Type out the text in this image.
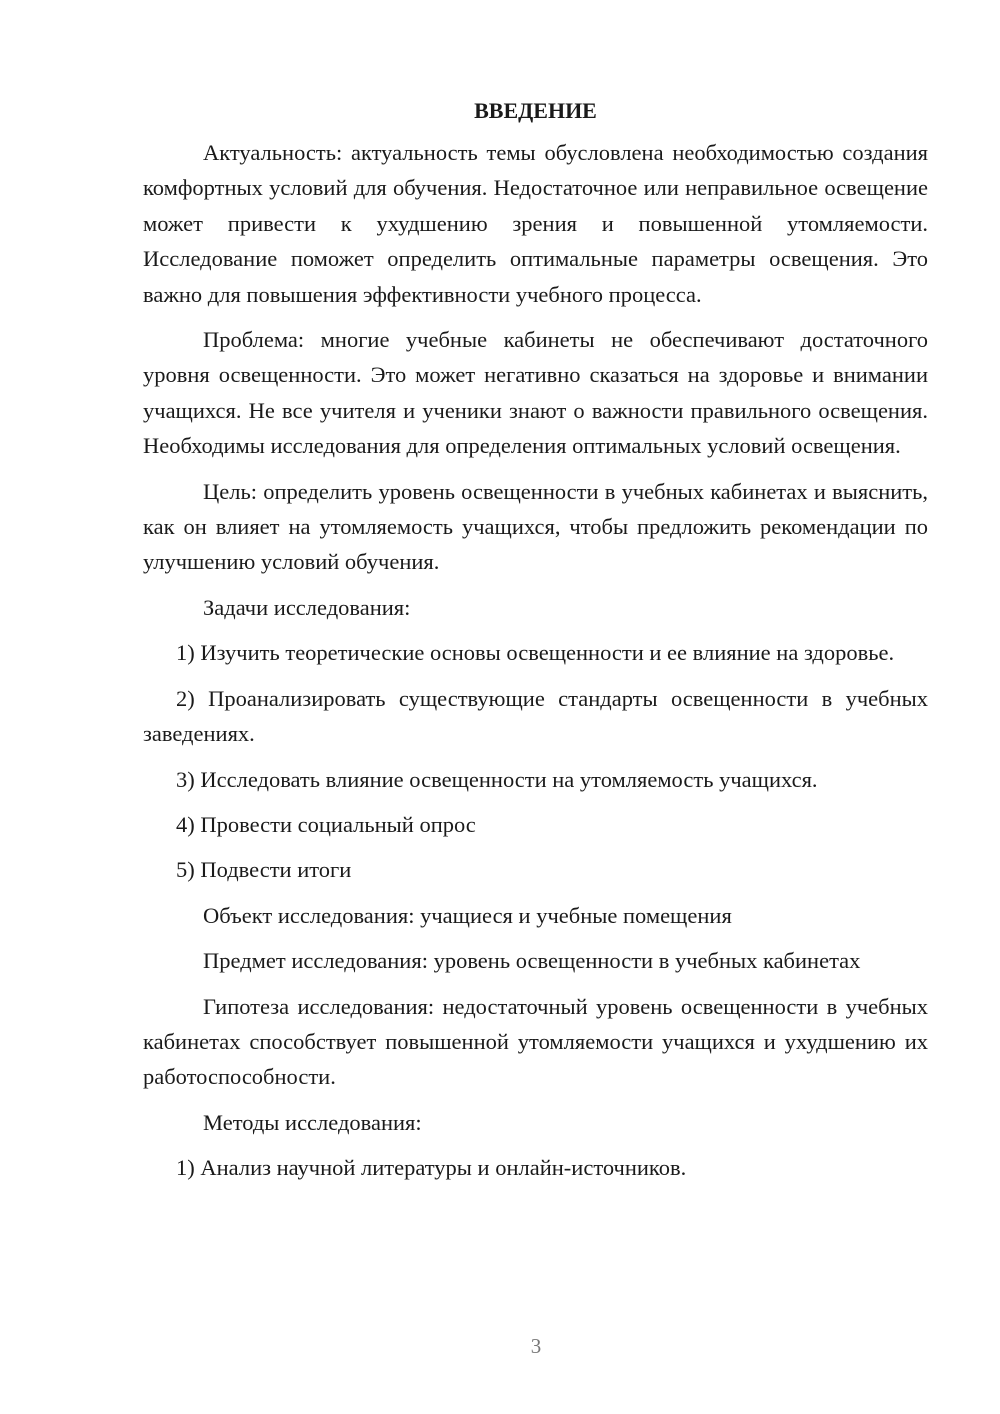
ВВЕДЕНИЕ

Актуальность: актуальность темы обусловлена необходимостью создания комфортных условий для обучения. Недостаточное или неправильное освещение может привести к ухудшению зрения и повышенной утомляемости. Исследование поможет определить оптимальные параметры освещения. Это важно для повышения эффективности учебного процесса.

Проблема: многие учебные кабинеты не обеспечивают достаточного уровня освещенности. Это может негативно сказаться на здоровье и внимании учащихся. Не все учителя и ученики знают о важности правильного освещения. Необходимы исследования для определения оптимальных условий освещения.

Цель: определить уровень освещенности в учебных кабинетах и выяснить, как он влияет на утомляемость учащихся, чтобы предложить рекомендации по улучшению условий обучения.

Задачи исследования:

1) Изучить теоретические основы освещенности и ее влияние на здоровье.

2) Проанализировать существующие стандарты освещенности в учебных заведениях.

3) Исследовать влияние освещенности на утомляемость учащихся.

4) Провести социальный опрос

5) Подвести итоги

Объект исследования: учащиеся и учебные помещения

Предмет исследования: уровень освещенности в учебных кабинетах

Гипотеза исследования: недостаточный уровень освещенности в учебных кабинетах способствует повышенной утомляемости учащихся и ухудшению их работоспособности.

Методы исследования:

1) Анализ научной литературы и онлайн-источников.

3
